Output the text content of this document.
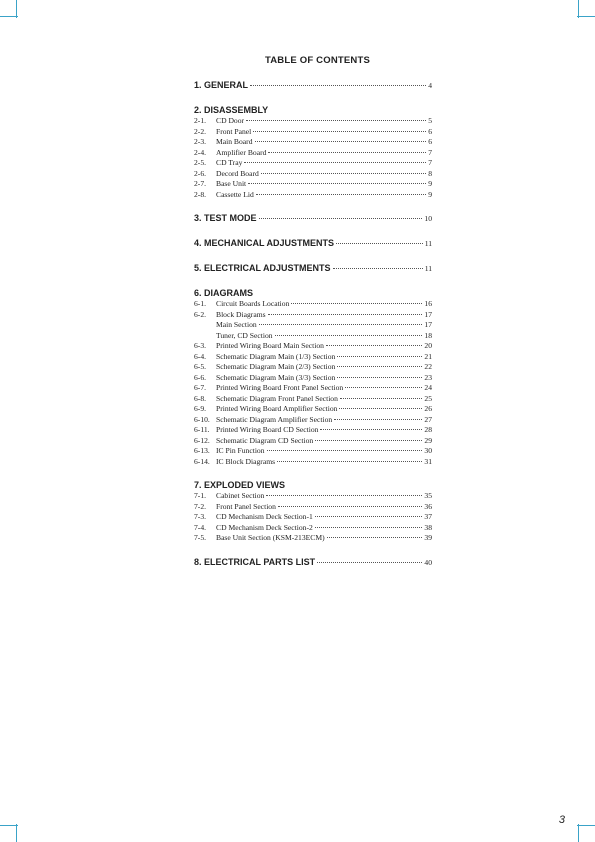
TABLE OF CONTENTS
1. GENERAL	4
2. DISASSEMBLY
2-1.	CD Door	5
2-2.	Front Panel	6
2-3.	Main Board	6
2-4.	Amplifier Board	7
2-5.	CD Tray	7
2-6.	Decord Board	8
2-7.	Base Unit	9
2-8.	Cassette Lid	9
3. TEST MODE	10
4. MECHANICAL ADJUSTMENTS	11
5. ELECTRICAL ADJUSTMENTS	11
6. DIAGRAMS
6-1.	Circuit Boards Location	16
6-2.	Block Diagrams	17
Main Section	17
Tuner, CD Section	18
6-3.	Printed Wiring Board Main Section	20
6-4.	Schematic Diagram Main (1/3) Section	21
6-5.	Schematic Diagram Main (2/3) Section	22
6-6.	Schematic Diagram Main (3/3) Section	23
6-7.	Printed Wiring Board Front Panel Section	24
6-8.	Schematic Diagram Front Panel Section	25
6-9.	Printed Wiring Board Amplifier Section	26
6-10. Schematic Diagram Amplifier Section	27
6-11. Printed Wiring Board CD Section	28
6-12. Schematic Diagram CD Section	29
6-13. IC Pin Function	30
6-14. IC Block Diagrams	31
7. EXPLODED VIEWS
7-1.	Cabinet Section	35
7-2.	Front Panel Section	36
7-3.	CD Mechanism Deck Section-1	37
7-4.	CD Mechanism Deck Section-2	38
7-5.	Base Unit Section (KSM-213ECM)	39
8. ELECTRICAL PARTS LIST	40
3
